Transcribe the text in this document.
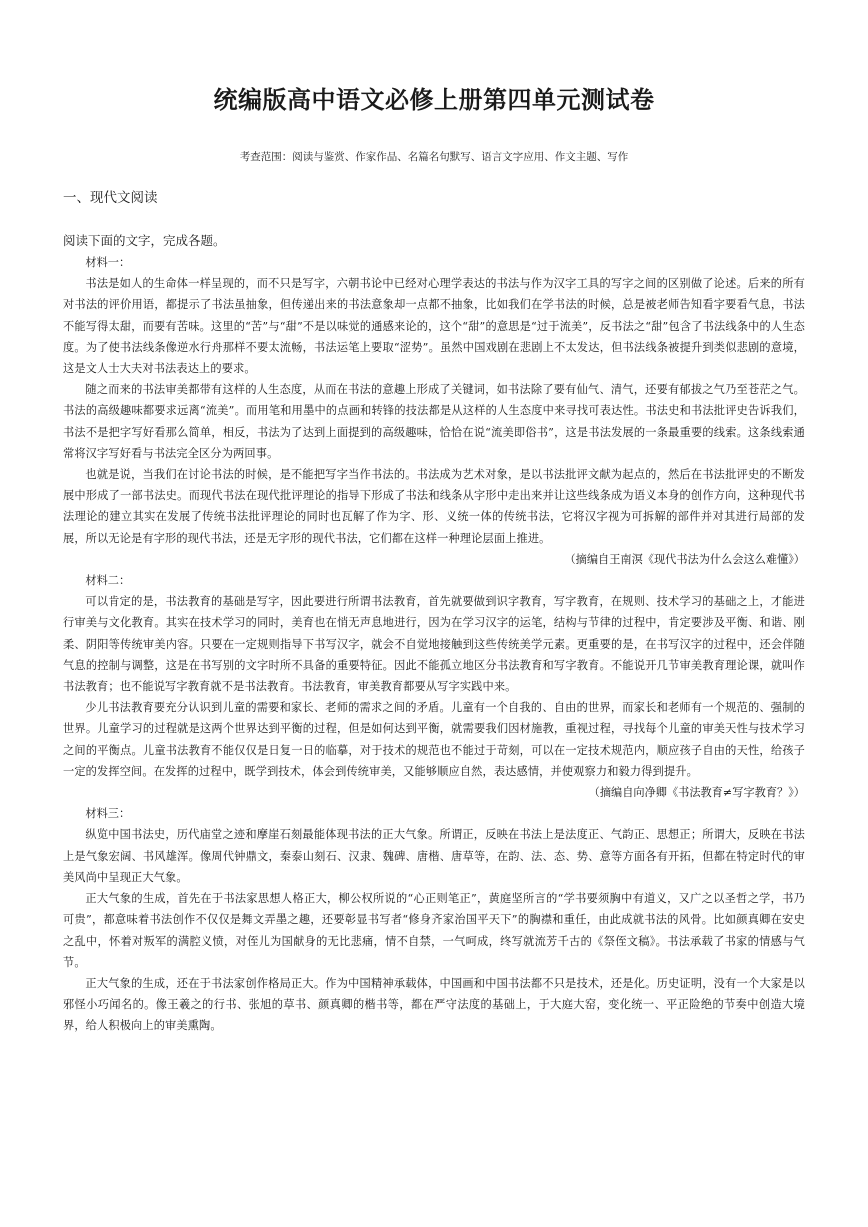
统编版高中语文必修上册第四单元测试卷
考查范围：阅读与鉴赏、作家作品、名篇名句默写、语言文字应用、作文主题、写作
一、现代文阅读
阅读下面的文字，完成各题。

材料一：

书法是如人的生命体一样呈现的，而不只是写字，六朝书论中已经对心理学表达的书法与作为汉字工具的写字之间的区别做了论述。后来的所有对书法的评价用语，都提示了书法虽抽象，但传递出来的书法意象却一点都不抽象，比如我们在学书法的时候，总是被老师告知看字要看气息，书法不能写得太甜，而要有苦味。这里的“苦”与“甜”不是以味觉的通感来论的，这个“甜”的意思是“过于流美”，反书法之“甜”包含了书法线条中的人生态度。为了使书法线条像逆水行舟那样不要太流畅，书法运笔上要取“涩势”。虽然中国戏剧在悲剧上不太发达，但书法线条被提升到类似悲剧的意境，这是文人士大夫对书法表达上的要求。

随之而来的书法审美都带有这样的人生态度，从而在书法的意趣上形成了关键词，如书法除了要有仙气、清气，还要有郁拔之气乃至苍茫之气。书法的高级趣味都要求远离“流美”。而用笔和用墨中的点画和转锋的技法都是从这样的人生态度中来寻找可表达性。书法史和书法批评史告诉我们，书法不是把字写好看那么简单，相反，书法为了达到上面提到的高级趣味，恰恰在说“流美即俗书”，这是书法发展的一条最重要的线索。这条线索通常将汉字写好看与书法完全区分为两回事。

也就是说，当我们在讨论书法的时候，是不能把写字当作书法的。书法成为艺术对象，是以书法批评文献为起点的，然后在书法批评史的不断发展中形成了一部书法史。而现代书法在现代批评理论的指导下形成了书法和线条从字形中走出来并让这些线条成为语义本身的创作方向，这种现代书法理论的建立其实在发展了传统书法批评理论的同时也瓦解了作为字、形、义统一体的传统书法，它将汉字视为可拆解的部件并对其进行局部的发展，所以无论是有字形的现代书法，还是无字形的现代书法，它们都在这样一种理论层面上推进。

（摘编自王南溟《现代书法为什么会这么难懂》）

材料二：

可以肯定的是，书法教育的基础是写字，因此要进行所谓书法教育，首先就要做到识字教育，写字教育，在规则、技术学习的基础之上，才能进行审美与文化教育。其实在技术学习的同时，美育也在悄无声息地进行，因为在学习汉字的运笔，结构与节律的过程中，肯定要涉及平衡、和谐、刚柔、阴阳等传统审美内容。只要在一定规则指导下书写汉字，就会不自觉地接触到这些传统美学元素。更重要的是，在书写汉字的过程中，还会伴随气息的控制与调整，这是在书写别的文字时所不具备的重要特征。因此不能孤立地区分书法教育和写字教育。不能说开几节审美教育理论课，就叫作书法教育；也不能说写字教育就不是书法教育。书法教育，审美教育都要从写字实践中来。

少儿书法教育要充分认识到儿童的需要和家长、老师的需求之间的矛盾。儿童有一个自我的、自由的世界，而家长和老师有一个规范的、强制的世界。儿童学习的过程就是这两个世界达到平衡的过程，但是如何达到平衡，就需要我们因材施教，重视过程，寻找每个儿童的审美天性与技术学习之间的平衡点。儿童书法教育不能仅仅是日复一日的临摹，对于技术的规范也不能过于苛刻，可以在一定技术规范内，顺应孩子自由的天性，给孩子一定的发挥空间。在发挥的过程中，既学到技术，体会到传统审美，又能够顺应自然，表达感情，并使观察力和毅力得到提升。

（摘编自向净卿《书法教育≠写字教育？》）

材料三：

纵览中国书法史，历代庙堂之迹和摩崖石刻最能体现书法的正大气象。所谓正，反映在书法上是法度正、气韵正、思想正；所谓大，反映在书法上是气象宏阔、书风雄浑。像周代钟鼎文，秦泰山刻石、汉隶、魏碑、唐楷、唐草等，在韵、法、态、势、意等方面各有开拓，但都在特定时代的审美风尚中呈现正大气象。

正大气象的生成，首先在于书法家思想人格正大，柳公权所说的“心正则笔正”，黄庭坚所言的“学书要须胸中有道义，又广之以圣哲之学，书乃可贵”，都意味着书法创作不仅仅是舞文弄墨之趣，还要彰显书写者“修身齐家治国平天下”的胸襟和重任，由此成就书法的风骨。比如颜真卿在安史之乱中，怀着对叛军的满腔义愤，对侄儿为国献身的无比悲痛，情不自禁，一气呵成，终写就流芳千古的《祭侄文稿》。书法承载了书家的情感与气节。

正大气象的生成，还在于书法家创作格局正大。作为中国精神承载体，中国画和中国书法都不只是技术，还是化。历史证明，没有一个大家是以邪怪小巧闻名的。像王羲之的行书、张旭的草书、颜真卿的楷书等，都在严守法度的基础上，于大庭大窑，变化统一、平正险绝的节奏中创造大境界，给人积极向上的审美熏陶。
